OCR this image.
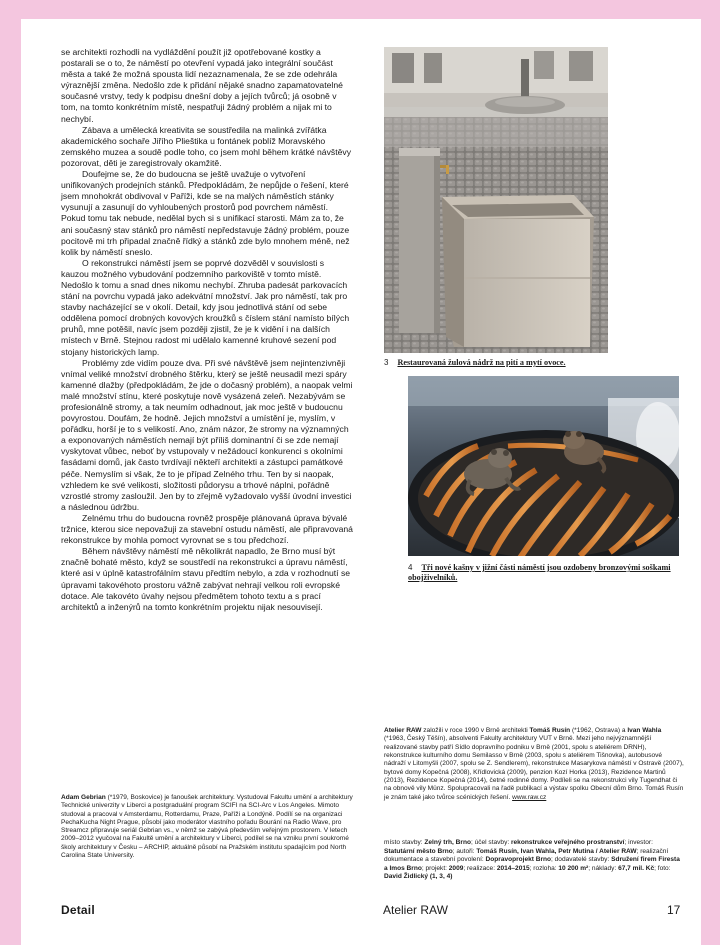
se architekti rozhodli na vydláždění použít již opotřebované kostky a postarali se o to, že náměstí po otevření vypadá jako integrální součást města a také že možná spousta lidí nezaznamenala, že se zde odehrála výraznější změna. Nedošlo zde k přidání nějaké snadno zapamatovatelné současné vrstvy, tedy k podpisu dnešní doby a jejích tvůrců; já osobně v tom, na tomto konkrétním místě, nespatřuji žádný problém a nijak mi to nechybí.

Zábava a umělecká kreativita se soustředila na malinká zvířátka akademického sochaře Jiřího Plieštika u fontánek poblíž Moravského zemského muzea a soudě podle toho, co jsem mohl během krátké návštěvy pozorovat, děti je zaregistrovaly okamžitě.

Doufejme se, že do budoucna se ještě uvažuje o vytvoření unifikovaných prodejních stánků. Předpokládám, že nepůjde o řešení, které jsem mnohokrát obdivoval v Paříži, kde se na malých náměstích stánky vysunují a zasunují do vyhloubených prostorů pod povrchem náměstí. Pokud tomu tak nebude, nedělal bych si s unifikací starosti. Mám za to, že ani současný stav stánků pro náměstí nepředstavuje žádný problém, pouze pocitově mi trh připadal značně řídký a stánků zde bylo mnohem méně, než kolik by náměstí sneslo.

O rekonstrukci náměstí jsem se poprvé dozvěděl v souvislosti s kauzou možného vybudování podzemního parkoviště v tomto místě. Nedošlo k tomu a snad dnes nikomu nechybí. Zhruba padesát parkovacích stání na povrchu vypadá jako adekvátní množství. Jak pro náměstí, tak pro stavby nacházející se v okolí. Detail, kdy jsou jednotlivá stání od sebe oddělena pomocí drobných kovových kroužků s číslem stání namísto bílých pruhů, mne potěšil, navíc jsem později zjistil, že je k vidění i na dalších místech v Brně. Stejnou radost mi udělalo kamenné kruhové sezení pod stojany historických lamp.

Problémy zde vidím pouze dva. Při své návštěvě jsem nejintenzivněji vnímal veliké množství drobného štěrku, který se ještě neusadil mezi spáry kamenné dlažby (předpokládám, že jde o dočasný problém), a naopak velmi malé množství stínu, které poskytuje nově vysázená zeleň. Nezabývám se profesionálně stromy, a tak neumím odhadnout, jak moc ještě v budoucnu povyrostou. Doufám, že hodně. Jejich množství a umístění je, myslím, v pořádku, horší je to s velikostí. Ano, znám názor, že stromy na významných a exponovaných náměstích nemají být příliš dominantní či se zde nemají vyskytovat vůbec, neboť by vstupovaly v nežádoucí konkurenci s okolními fasádami domů, jak často tvrdívají někteří architekti a zástupci památkové péče. Nemyslím si však, že to je případ Zelného trhu. Ten by si naopak, vzhledem ke své velikosti, složitosti půdorysu a trhové náplni, pořádně vzrostlé stromy zasloužil. Jen by to zřejmě vyžadovalo vyšší úvodní investici a následnou údržbu.

Zelnému trhu do budoucna rovněž prospěje plánovaná úprava bývalé tržnice, kterou sice nepovažuji za stavební ostudu náměstí, ale připravovaná rekonstrukce by mohla pomoct vyrovnat se s tou předchozí.

Během návštěvy náměstí mě několikrát napadlo, že Brno musí být značně bohaté město, když se soustředí na rekonstrukci a úpravu náměstí, které asi v úplně katastrofálním stavu předtím nebylo, a zda v rozhodnutí se úpravami takovéhoto prostoru vážně zabývat nehrají velkou roli evropské dotace. Ale takovéto úvahy nejsou předmětem tohoto textu a s prací architektů a inženýrů na tomto konkrétním projektu nijak nesouvisejí.

Adam Gebrian (*1979, Boskovice) je fanoušek architektury. Vystudoval Fakultu umění a architektury Technické univerzity v Liberci a postgraduální program SCIFI na SCI-Arc v Los Angeles. Mimoto studoval a pracoval v Amsterdamu, Rotterdamu, Praze, Paříži a Londýně. Podílí se na organizaci PechaKucha Night Prague, působí jako moderátor vlastního pořadu Bourání na Radio Wave, pro Streamcz připravuje seriál Gebrian vs., v němž se zabývá především veřejným prostorem. V letech 2009–2012 vyučoval na Fakultě umění a architektury v Liberci, podílel se na vzniku první soukromé školy architektury v Česku – ARCHIP, aktuálně působí na Pražském institutu spadajícím pod North Carolina State University.
3 Restaurovaná žulová nádrž na pití a mytí ovoce.
4 Tři nové kašny v jižní části náměstí jsou ozdobeny bronzovými soškami obojživelníků.
Atelier RAW založili v roce 1990 v Brně architekti Tomáš Rusín (*1962, Ostrava) a Ivan Wahla (*1963, Český Těšín), absolventi Fakulty architektury VUT v Brně. Mezi jeho nejvýznamnější realizované stavby patří Sídlo dopravního podniku v Brně (2001, spolu s ateliérem DRNH), rekonstrukce kulturního domu Semilasso v Brně (2003, spolu s ateliérem Tišnovka), autobusové nádraží v Litomyšli (2007, spolu se Z. Sendlerem), rekonstrukce Masarykova náměstí v Ostravě (2007), bytové domy Kopečná (2008), Křídlovická (2009), penzion Kozí Horka (2013), Rezidence Martinů (2013), Rezidence Kopečná (2014), četné rodinné domy. Podíleli se na rekonstrukci vily Tugendhat či na obnově vily Münz. Spolupracovali na řadě publikací a výstav spolku Obecní dům Brno. Tomáš Rusín je znám také jako tvůrce scénických řešení. www.raw.cz
místo stavby: Zelný trh, Brno; účel stavby: rekonstrukce veřejného prostranství; investor: Statutární město Brno; autoři: Tomáš Rusín, Ivan Wahla, Petr Mutina / Atelier RAW; realizační dokumentace a stavební povolení: Dopravoprojekt Brno; dodavatelé stavby: Sdružení firem Firesta a Imos Brno; projekt: 2009; realizace: 2014–2015; rozloha: 10 200 m²; náklady: 67,7 mil. Kč; foto: David Židlický (1, 3, 4)
Detail	Atelier RAW	17
